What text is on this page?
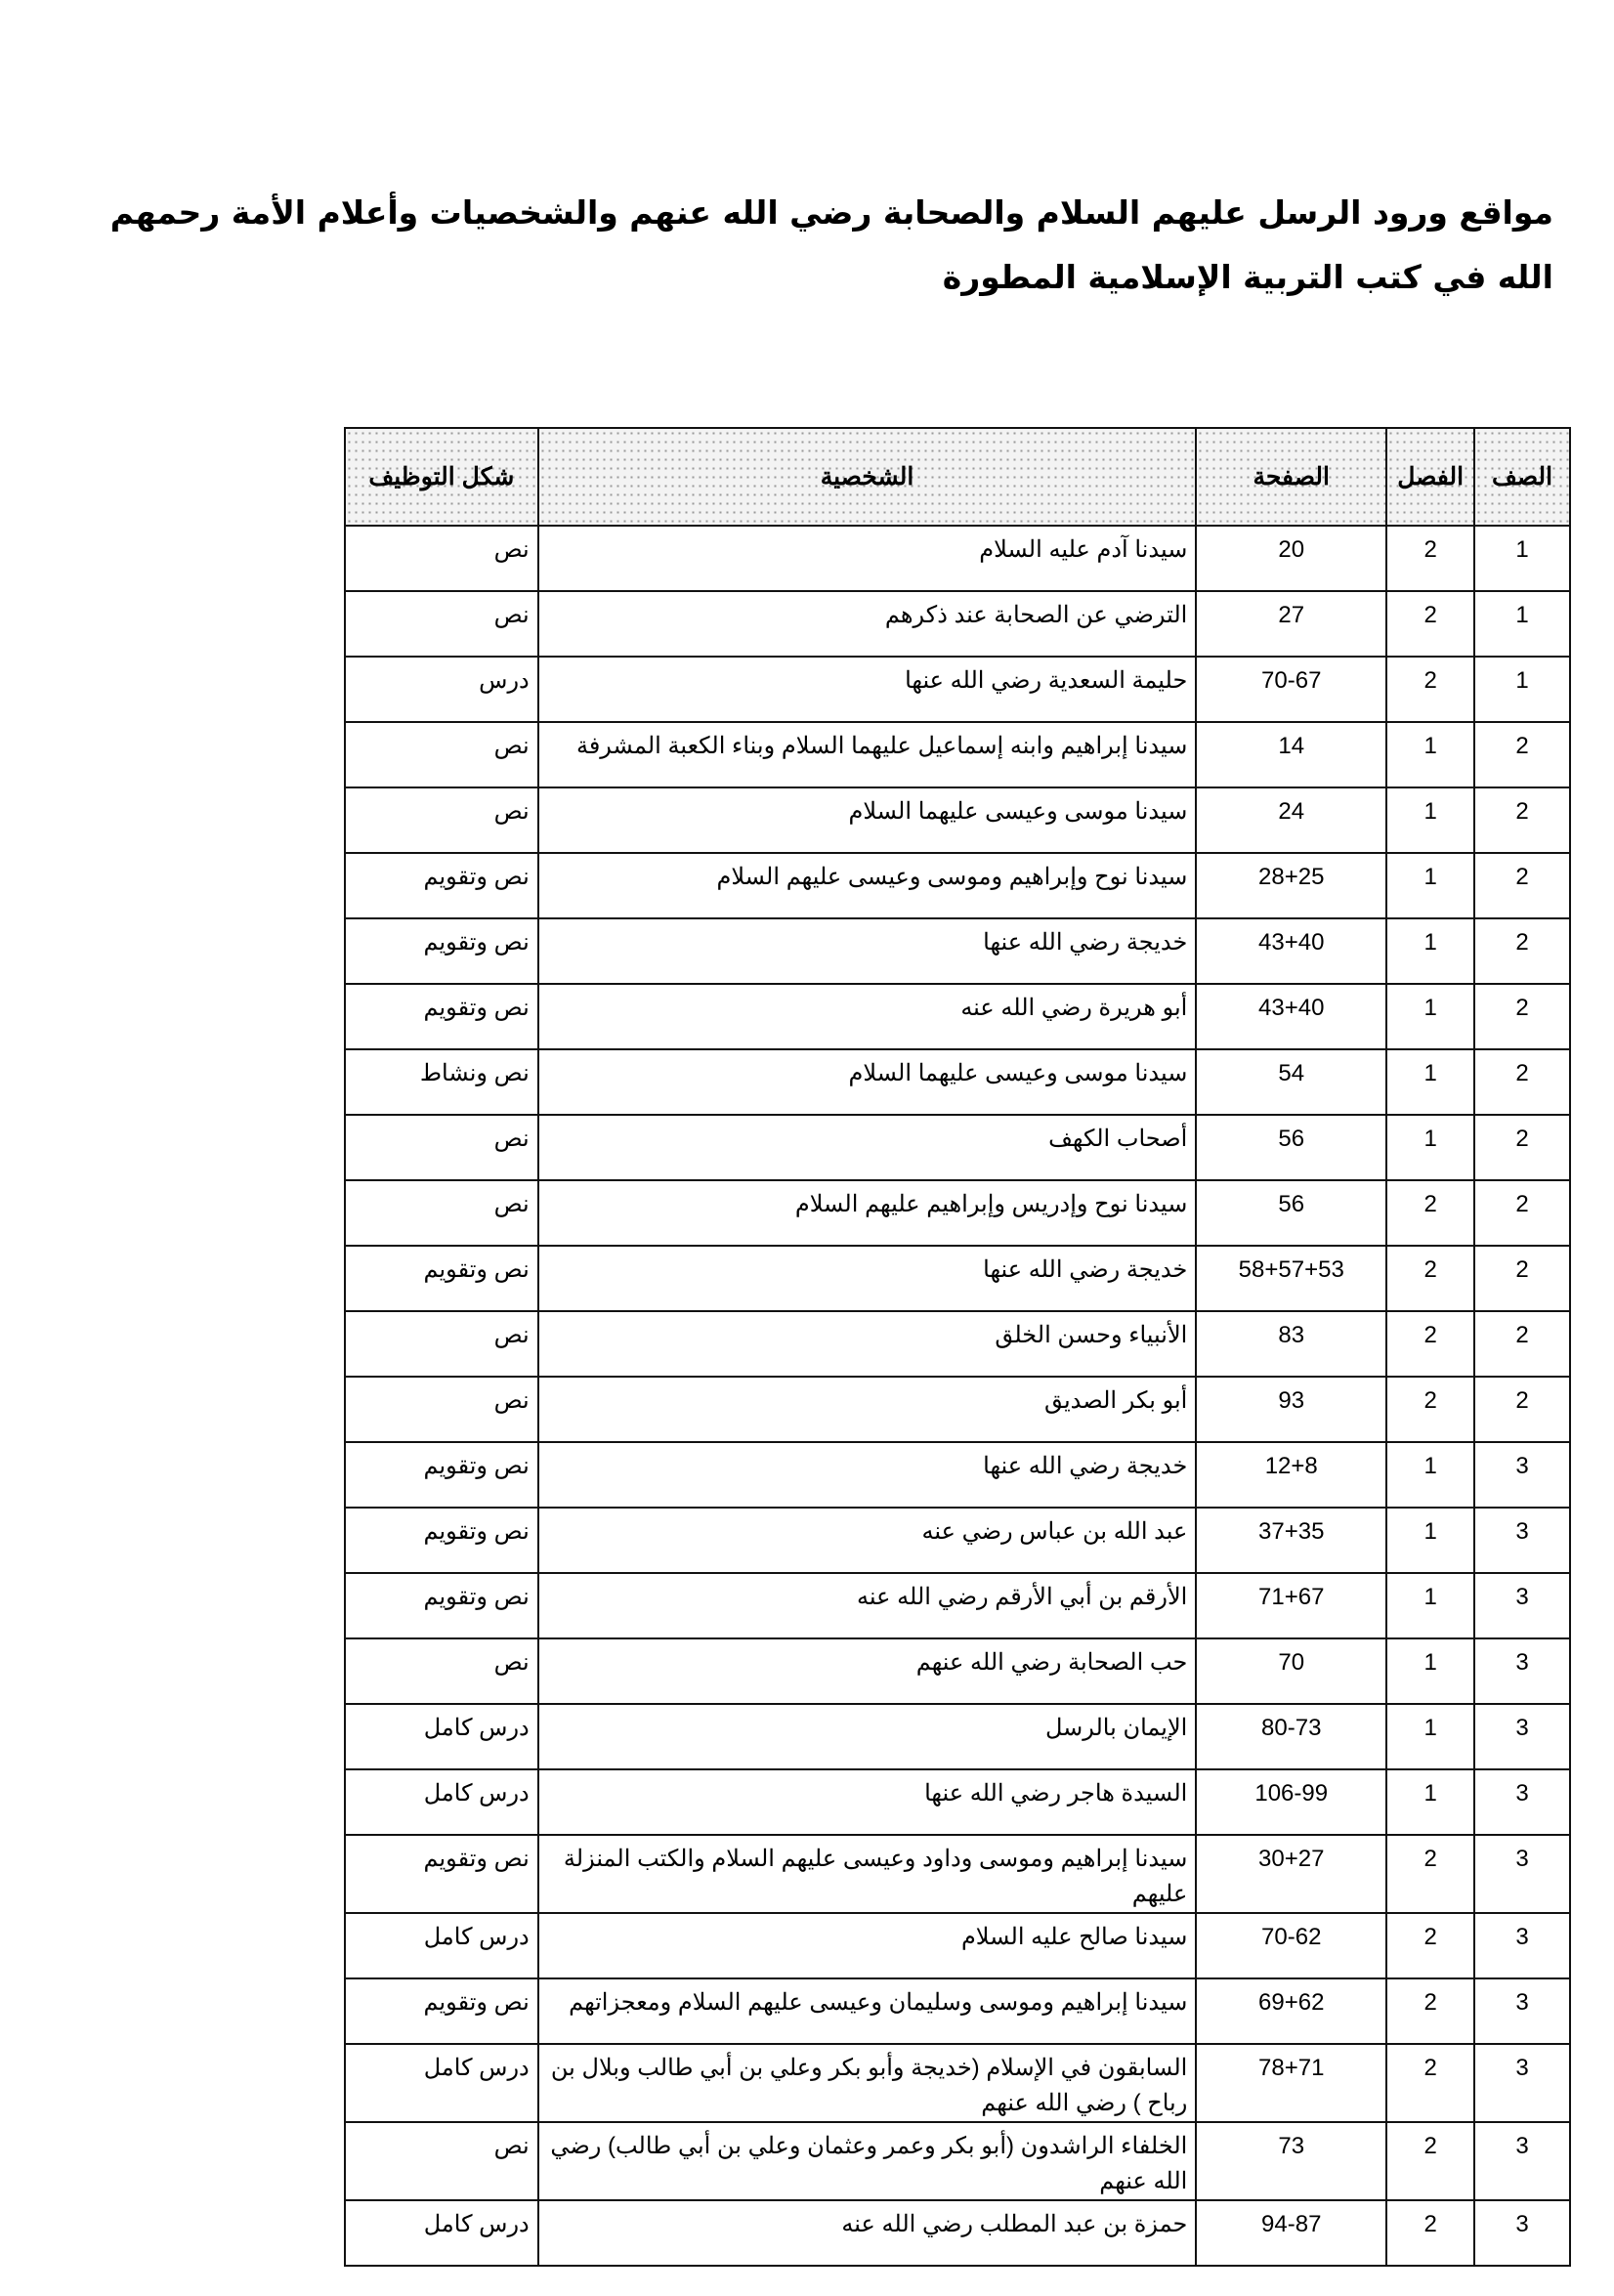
مواقع ورود الرسل عليهم السلام والصحابة رضي الله عنهم والشخصيات وأعلام الأمة رحمهم الله في كتب التربية الإسلامية المطورة
الصف	الفصل	الصفحة	الشخصية	شكل التوظيف
1	2	20	سيدنا آدم عليه السلام	نص
1	2	27	الترضي عن الصحابة عند ذكرهم	نص
1	2	70-67	حليمة السعدية رضي الله عنها	درس
2	1	14	سيدنا إبراهيم وابنه إسماعيل عليهما السلام وبناء الكعبة المشرفة	نص
2	1	24	سيدنا موسى وعيسى عليهما السلام	نص
2	1	28+25	سيدنا نوح وإبراهيم وموسى وعيسى عليهم السلام	نص وتقويم
2	1	43+40	خديجة رضي الله عنها	نص وتقويم
2	1	43+40	أبو هريرة رضي الله عنه	نص وتقويم
2	1	54	سيدنا موسى وعيسى عليهما السلام	نص ونشاط
2	1	56	أصحاب الكهف	نص
2	2	56	سيدنا نوح وإدريس وإبراهيم عليهم السلام	نص
2	2	58+57+53	خديجة رضي الله عنها	نص وتقويم
2	2	83	الأنبياء وحسن الخلق	نص
2	2	93	أبو بكر الصديق	نص
3	1	12+8	خديجة رضي الله عنها	نص وتقويم
3	1	37+35	عبد الله بن عباس رضي عنه	نص وتقويم
3	1	71+67	الأرقم بن أبي الأرقم رضي الله عنه	نص وتقويم
3	1	70	حب الصحابة رضي الله عنهم	نص
3	1	80-73	الإيمان بالرسل	درس كامل
3	1	106-99	السيدة هاجر رضي الله عنها	درس كامل
3	2	30+27	سيدنا إبراهيم وموسى وداود وعيسى عليهم السلام والكتب المنزلة عليهم	نص وتقويم
3	2	70-62	سيدنا صالح عليه السلام	درس كامل
3	2	69+62	سيدنا إبراهيم وموسى وسليمان وعيسى عليهم السلام ومعجزاتهم	نص وتقويم
3	2	78+71	السابقون في الإسلام (خديجة وأبو بكر وعلي بن أبي طالب وبلال بن رباح ) رضي الله عنهم	درس كامل
3	2	73	الخلفاء الراشدون (أبو بكر وعمر وعثمان وعلي بن أبي طالب) رضي الله عنهم	نص
3	2	94-87	حمزة بن عبد المطلب رضي الله عنه	درس كامل
